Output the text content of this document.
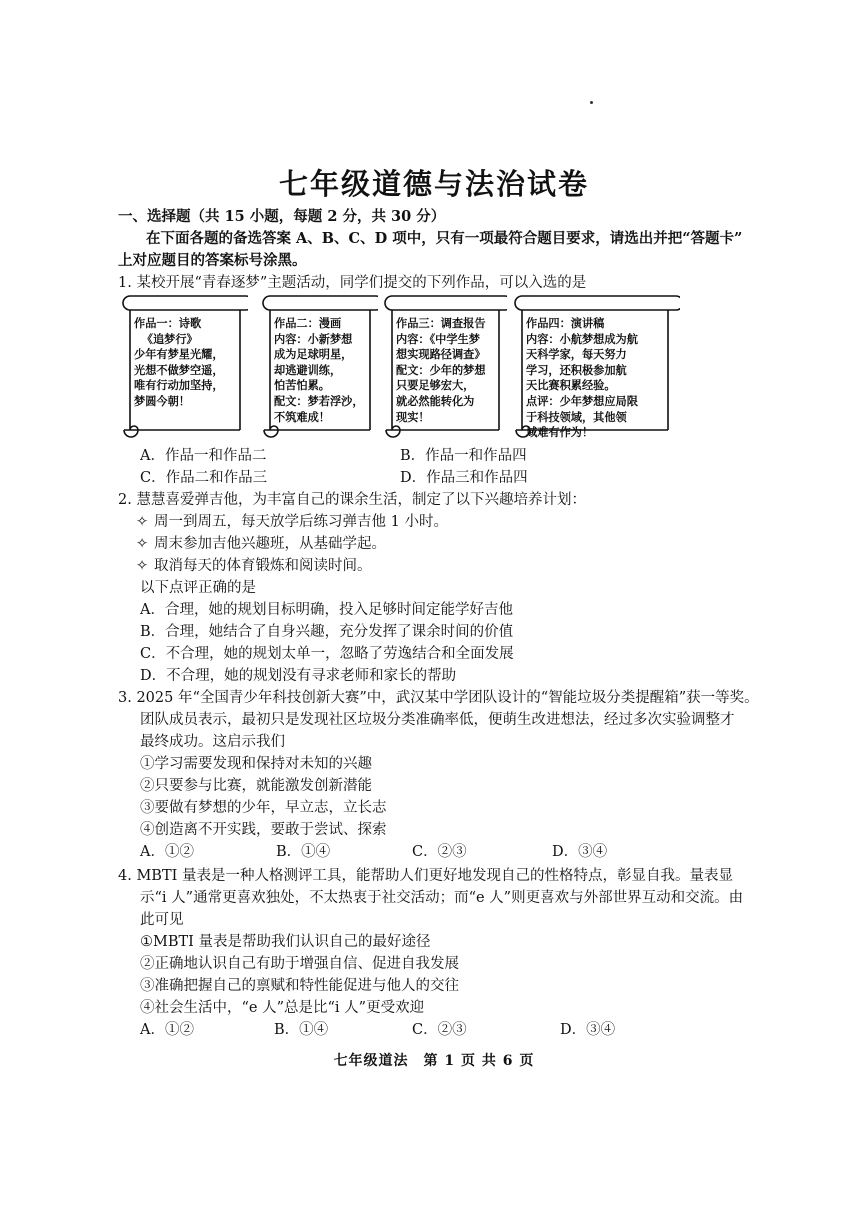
七年级道德与法治试卷
一、选择题（共 15 小题，每题 2 分，共 30 分）
在下面各题的备选答案 A、B、C、D 项中，只有一项最符合题目要求，请选出并把“答题卡”
上对应题目的答案标号涂黑。
1. 某校开展“青春逐梦”主题活动，同学们提交的下列作品，可以入选的是
作品一：诗歌
《追梦行》
少年有梦星光耀，
光想不做梦空遥，
唯有行动加坚持，
梦圆今朝！
作品二：漫画
内容：小新梦想
成为足球明星，
却逃避训练，
怕苦怕累。
配文：梦若浮沙，
不筑难成！
作品三：调查报告
内容：《中学生梦
想实现路径调查》
配文：少年的梦想
只要足够宏大，
就必然能转化为
现实！
作品四：演讲稿
内容：小航梦想成为航
天科学家，每天努力
学习，还积极参加航
天比赛积累经验。
点评：少年梦想应局限
于科技领域，其他领
域难有作为！
A．作品一和作品二	B．作品一和作品四
C．作品二和作品三	D．作品三和作品四
2. 慧慧喜爱弹吉他，为丰富自己的课余生活，制定了以下兴趣培养计划：
✧ 周一到周五，每天放学后练习弹吉他 1 小时。
✧ 周末参加吉他兴趣班，从基础学起。
✧ 取消每天的体育锻炼和阅读时间。
以下点评正确的是
A．合理，她的规划目标明确，投入足够时间定能学好吉他
B．合理，她结合了自身兴趣，充分发挥了课余时间的价值
C．不合理，她的规划太单一，忽略了劳逸结合和全面发展
D．不合理，她的规划没有寻求老师和家长的帮助
3. 2025 年“全国青少年科技创新大赛”中，武汉某中学团队设计的“智能垃圾分类提醒箱”获一等奖。
团队成员表示，最初只是发现社区垃圾分类准确率低，便萌生改进想法，经过多次实验调整才
最终成功。这启示我们
①学习需要发现和保持对未知的兴趣
②只要参与比赛，就能激发创新潜能
③要做有梦想的少年，早立志，立长志
④创造离不开实践，要敢于尝试、探索
A．①②	B．①④	C．②③	D．③④
4. MBTI 量表是一种人格测评工具，能帮助人们更好地发现自己的性格特点，彰显自我。量表显
示“i 人”通常更喜欢独处，不太热衷于社交活动；而“e 人”则更喜欢与外部世界互动和交流。由
此可见
①MBTI 量表是帮助我们认识自己的最好途径
②正确地认识自己有助于增强自信、促进自我发展
③准确把握自己的禀赋和特性能促进与他人的交往
④社会生活中，“e 人”总是比“i 人”更受欢迎
A．①②	B．①④	C．②③	D．③④
七年级道法　第 1 页 共 6 页
